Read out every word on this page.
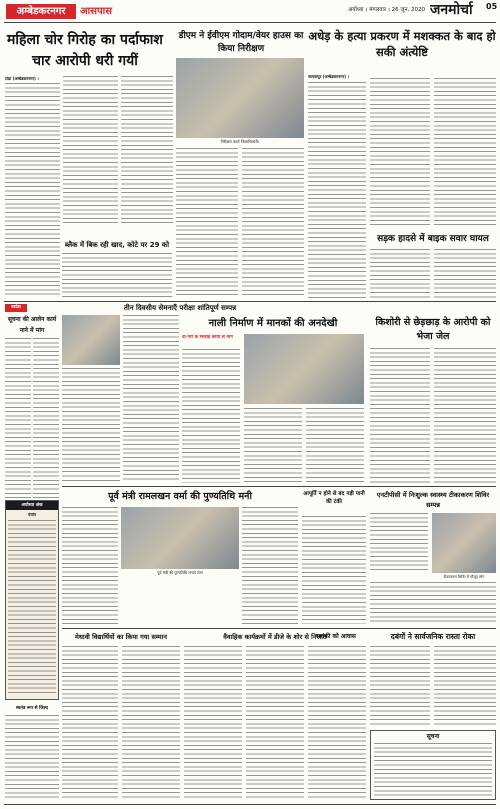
अम्बेडकरनगर	आसपास	अयोध्या । मंगलवार । 26 जून, 2020 जनमोर्चा	05
महिला चोर गिरोह का पर्दाफाश चार आरोपी धरी गयीं
टांडा (अम्बेडकरनगर) ।
ब्लैक में बिक रही खाद, कोटे पर 29 को
डीएम ने ईवीएम गोदाम/वेयर हाउस का किया निरीक्षण
निरीक्षण करते जिलाधिकारी।
अधेड़ के हत्या प्रकरण में मशक्कत के बाद हो सकी अंत्येष्टि
जलालपुर (अम्बेडकरनगर) ।
सड़क हादसे में बाइक सवार घायल
तीन दिवसीय सेमनाएँ परीक्षा शांतिपूर्ण सम्पन्न
स्वदेश
सूचना की आलेन कार्य नाने में मांग
नाली निर्माण में मानकों की अनदेखी
दो-पैरो के निकाह कार्यों से मांग
किशोरी से छेड़छाड़ के आरोपी को भेजा जेल
पूर्व मंत्री रामलखन वर्मा की पुण्यतिथि मनी
पूर्व मंत्री की पुण्यतिथि मनाते लोग
आपूर्ति न होने से बंद पड़ी पानी की टंकी
एनटीपीसी में निःशुल्क स्वास्थ्य टीकाकरण शिविर सम्पन्न
टीकाकरण शिविर में मौजूद लोग
अयोध्या अंक
पंचांग
मेधावी विद्यार्थियों का किया गया सम्मान	वैवाहिक कार्यक्रमों में डीजे के शोर से निजात
सरांकी को आवास	दबंगों ने सार्वजनिक रास्ता रोका
सूचना
स्वतंत्र रूप से जिल्द
